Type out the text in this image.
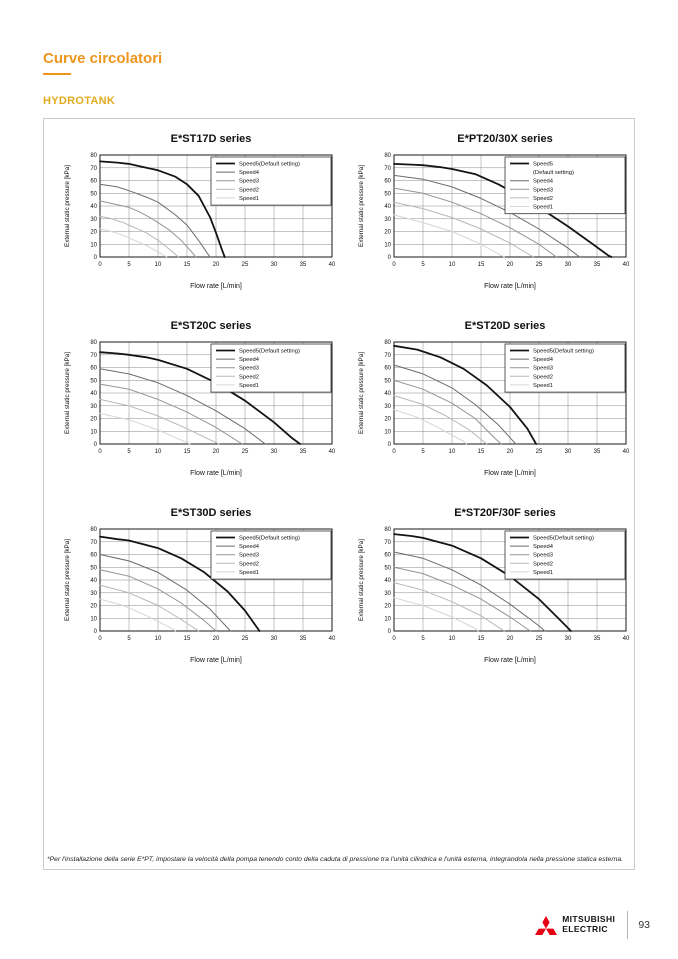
Curve circolatori
HYDROTANK
E*ST17D series
0	5	10	15	20	25	30	35	40
0
10
20
30
40
50
60
70
80
External static pressure [kPa]
Flow rate [L/min]
Speed5(Default setting)
Speed4
Speed3
Speed2
Speed1
E*PT20/30X series
0	5	10	15	20	25	30	35	40
0
10
20
30
40
50
60
70
80
External static pressure [kPa]
Flow rate [L/min]
Speed5
(Default setting)
Speed4
Speed3
Speed2
Speed1
E*ST20C series
0	5	10	15	20	25	30	35	40
0
10
20
30
40
50
60
70
80
External static pressure [kPa]
Flow rate [L/min]
Speed5(Default setting)
Speed4
Speed3
Speed2
Speed1
E*ST20D series
0	5	10	15	20	25	30	35	40
0
10
20
30
40
50
60
70
80
External static pressure [kPa]
Flow rate [L/min]
Speed5(Default setting)
Speed4
Speed3
Speed2
Speed1
E*ST30D series
0	5	10	15	20	25	30	35	40
0
10
20
30
40
50
60
70
80
External static pressure [kPa]
Flow rate [L/min]
Speed5(Default setting)
Speed4
Speed3
Speed2
Speed1
E*ST20F/30F series
0	5	10	15	20	25	30	35	40
0
10
20
30
40
50
60
70
80
External static pressure [kPa]
Flow rate [L/min]
Speed5(Default setting)
Speed4
Speed3
Speed2
Speed1
*Per l'installazione della serie E*PT, impostare la velocità della pompa tenendo conto della caduta di pressione tra l'unità cilindrica e l'unità esterna, integrandola nella pressione statica esterna.
MITSUBISHI
ELECTRIC	93
